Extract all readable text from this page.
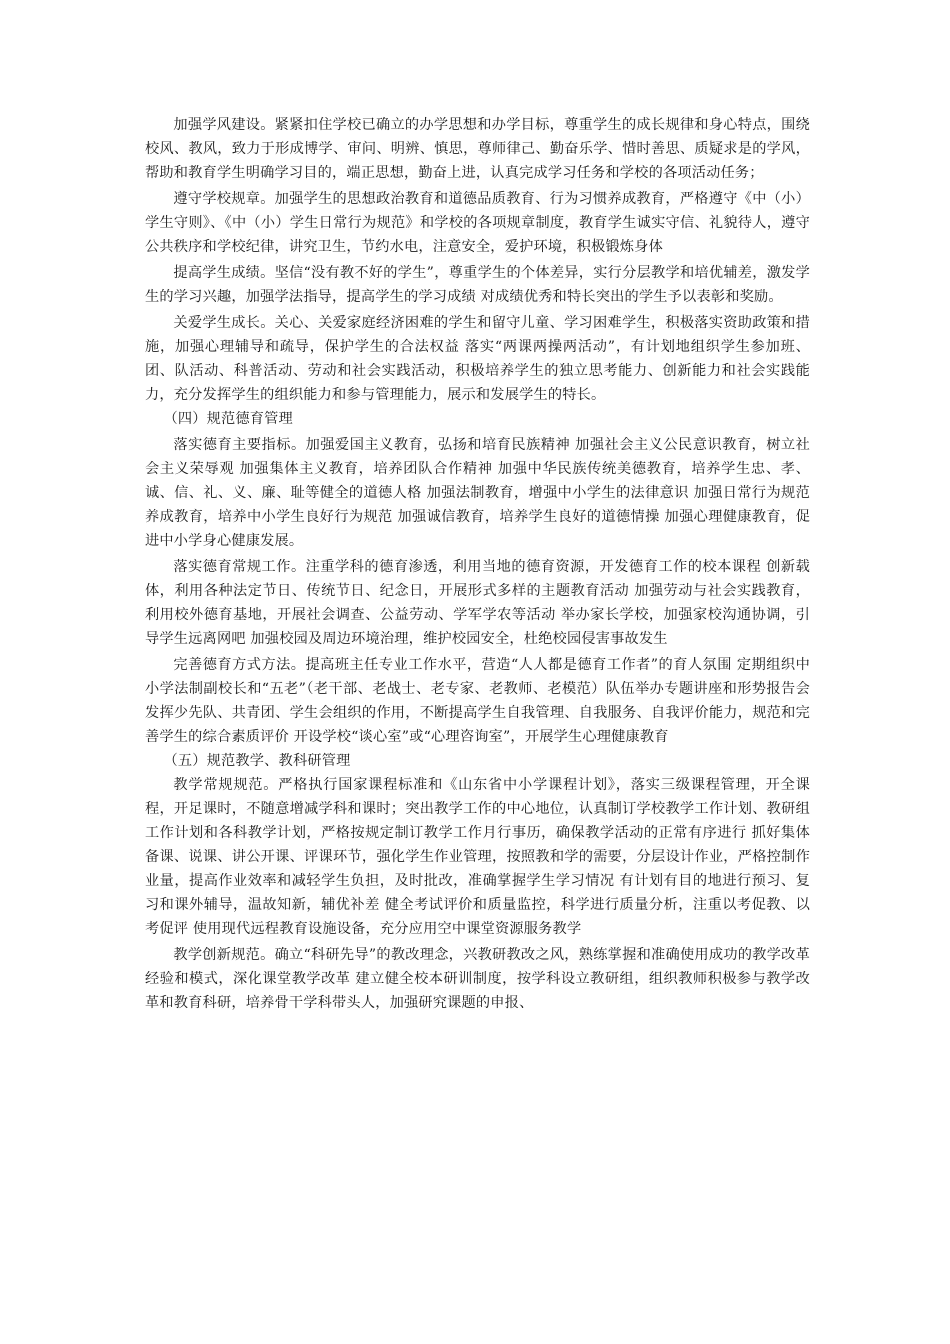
加强学风建设。紧紧扣住学校已确立的办学思想和办学目标，尊重学生的成长规律和身心特点，围绕校风、教风，致力于形成博学、审问、明辨、慎思，尊师律己、勤奋乐学、惜时善思、质疑求是的学风，帮助和教育学生明确学习目的，端正思想，勤奋上进，认真完成学习任务和学校的各项活动任务；

遵守学校规章。加强学生的思想政治教育和道德品质教育、行为习惯养成教育，严格遵守《中（小）学生守则》、《中（小）学生日常行为规范》和学校的各项规章制度，教育学生诚实守信、礼貌待人，遵守公共秩序和学校纪律，讲究卫生，节约水电，注意安全，爱护环境，积极锻炼身体

提高学生成绩。坚信“没有教不好的学生”，尊重学生的个体差异，实行分层教学和培优辅差，激发学生的学习兴趣，加强学法指导，提高学生的学习成绩 对成绩优秀和特长突出的学生予以表彰和奖励。

关爱学生成长。关心、关爱家庭经济困难的学生和留守儿童、学习困难学生，积极落实资助政策和措施，加强心理辅导和疏导，保护学生的合法权益 落实“两课两操两活动”，有计划地组织学生参加班、团、队活动、科普活动、劳动和社会实践活动，积极培养学生的独立思考能力、创新能力和社会实践能力，充分发挥学生的组织能力和参与管理能力，展示和发展学生的特长。

（四）规范德育管理

落实德育主要指标。加强爱国主义教育，弘扬和培育民族精神 加强社会主义公民意识教育，树立社会主义荣辱观 加强集体主义教育，培养团队合作精神 加强中华民族传统美德教育，培养学生忠、孝、诚、信、礼、义、廉、耻等健全的道德人格 加强法制教育，增强中小学生的法律意识 加强日常行为规范养成教育，培养中小学生良好行为规范 加强诚信教育，培养学生良好的道德情操 加强心理健康教育，促进中小学身心健康发展。

落实德育常规工作。注重学科的德育渗透，利用当地的德育资源，开发德育工作的校本课程 创新载体，利用各种法定节日、传统节日、纪念日，开展形式多样的主题教育活动 加强劳动与社会实践教育，利用校外德育基地，开展社会调查、公益劳动、学军学农等活动 举办家长学校，加强家校沟通协调，引导学生远离网吧 加强校园及周边环境治理，维护校园安全，杜绝校园侵害事故发生

完善德育方式方法。提高班主任专业工作水平，营造“人人都是德育工作者”的育人氛围 定期组织中小学法制副校长和“五老”（老干部、老战士、老专家、老教师、老模范）队伍举办专题讲座和形势报告会 发挥少先队、共青团、学生会组织的作用，不断提高学生自我管理、自我服务、自我评价能力，规范和完善学生的综合素质评价 开设学校“谈心室”或“心理咨询室”，开展学生心理健康教育

（五）规范教学、教科研管理

教学常规规范。严格执行国家课程标准和《山东省中小学课程计划》，落实三级课程管理，开全课程，开足课时，不随意增减学科和课时；突出教学工作的中心地位，认真制订学校教学工作计划、教研组工作计划和各科教学计划，严格按规定制订教学工作月行事历，确保教学活动的正常有序进行 抓好集体备课、说课、讲公开课、评课环节，强化学生作业管理，按照教和学的需要，分层设计作业，严格控制作业量，提高作业效率和减轻学生负担，及时批改，准确掌握学生学习情况 有计划有目的地进行预习、复习和课外辅导，温故知新，辅优补差 健全考试评价和质量监控，科学进行质量分析，注重以考促教、以考促评 使用现代远程教育设施设备，充分应用空中课堂资源服务教学

教学创新规范。确立“科研先导”的教改理念，兴教研教改之风，熟练掌握和准确使用成功的教学改革经验和模式，深化课堂教学改革 建立健全校本研训制度，按学科设立教研组，组织教师积极参与教学改革和教育科研，培养骨干学科带头人，加强研究课题的申报、
